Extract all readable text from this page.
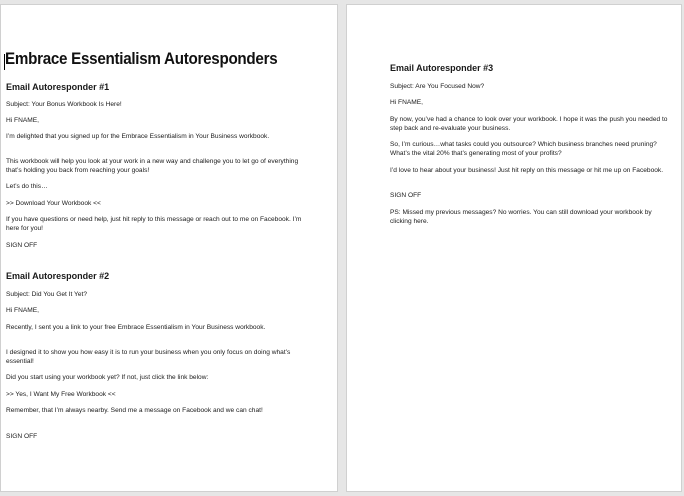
Embrace Essentialism Autoresponders
Email Autoresponder #1
Subject: Your Bonus Workbook Is Here!
Hi FNAME,
I’m delighted that you signed up for the Embrace Essentialism in Your Business workbook.
This workbook will help you look at your work in a new way and challenge you to let go of everything that’s holding you back from reaching your goals!
Let’s do this…
>> Download Your Workbook <<
If you have questions or need help, just hit reply to this message or reach out to me on Facebook. I’m here for you!
SIGN OFF
Email Autoresponder #2
Subject: Did You Get It Yet?
Hi FNAME,
Recently, I sent you a link to your free Embrace Essentialism in Your Business workbook.
I designed it to show you how easy it is to run your business when you only focus on doing what’s essential!
Did you start using your workbook yet? If not, just click the link below:
>> Yes, I Want My Free Workbook <<
Remember, that I’m always nearby. Send me a message on Facebook and we can chat!
SIGN OFF
Email Autoresponder #3
Subject: Are You Focused Now?
Hi FNAME,
By now, you’ve had a chance to look over your workbook. I hope it was the push you needed to step back and re-evaluate your business.
So, I’m curious…what tasks could you outsource? Which business branches need pruning? What’s the vital 20% that’s generating most of your profits?
I’d love to hear about your business! Just hit reply on this message or hit me up on Facebook.
SIGN OFF
PS: Missed my previous messages? No worries. You can still download your workbook by clicking here.
